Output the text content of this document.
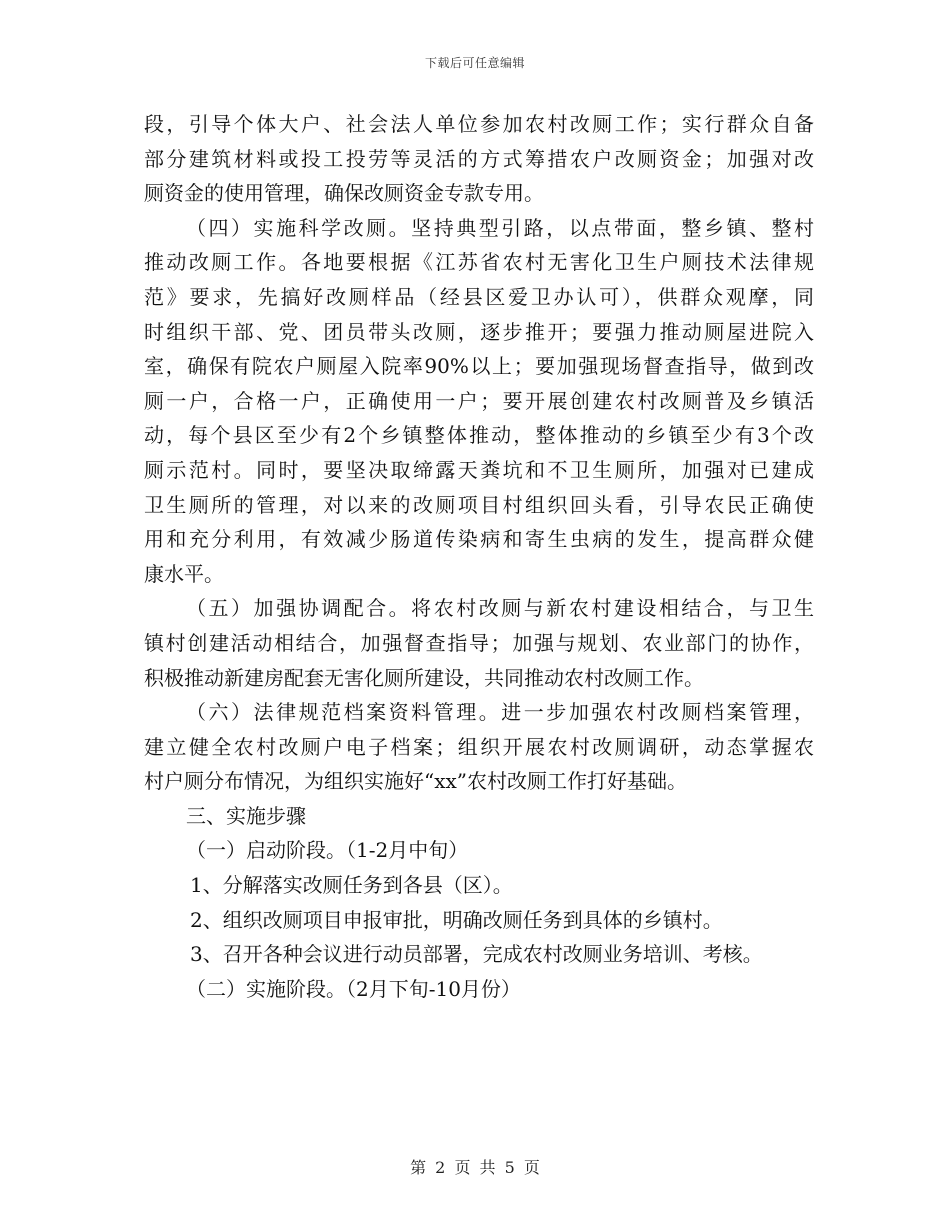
下载后可任意编辑
段，引导个体大户、社会法人单位参加农村改厕工作；实行群众自备
部分建筑材料或投工投劳等灵活的方式筹措农户改厕资金；加强对改
厕资金的使用管理，确保改厕资金专款专用。
（四）实施科学改厕。坚持典型引路，以点带面，整乡镇、整村
推动改厕工作。各地要根据《江苏省农村无害化卫生户厕技术法律规
范》要求，先搞好改厕样品（经县区爱卫办认可），供群众观摩，同
时组织干部、党、团员带头改厕，逐步推开；要强力推动厕屋进院入
室，确保有院农户厕屋入院率90%以上；要加强现场督查指导，做到改
厕一户，合格一户，正确使用一户；要开展创建农村改厕普及乡镇活
动，每个县区至少有2个乡镇整体推动，整体推动的乡镇至少有3个改
厕示范村。同时，要坚决取缔露天粪坑和不卫生厕所，加强对已建成
卫生厕所的管理，对以来的改厕项目村组织回头看，引导农民正确使
用和充分利用，有效减少肠道传染病和寄生虫病的发生，提高群众健
康水平。
（五）加强协调配合。将农村改厕与新农村建设相结合，与卫生
镇村创建活动相结合，加强督查指导；加强与规划、农业部门的协作，
积极推动新建房配套无害化厕所建设，共同推动农村改厕工作。
（六）法律规范档案资料管理。进一步加强农村改厕档案管理，
建立健全农村改厕户电子档案；组织开展农村改厕调研，动态掌握农
村户厕分布情况，为组织实施好“xx”农村改厕工作打好基础。
三、实施步骤
（一）启动阶段。（1-2月中旬）
1、分解落实改厕任务到各县（区）。
2、组织改厕项目申报审批，明确改厕任务到具体的乡镇村。
3、召开各种会议进行动员部署，完成农村改厕业务培训、考核。
（二）实施阶段。（2月下旬-10月份）
第 2 页 共 5 页
